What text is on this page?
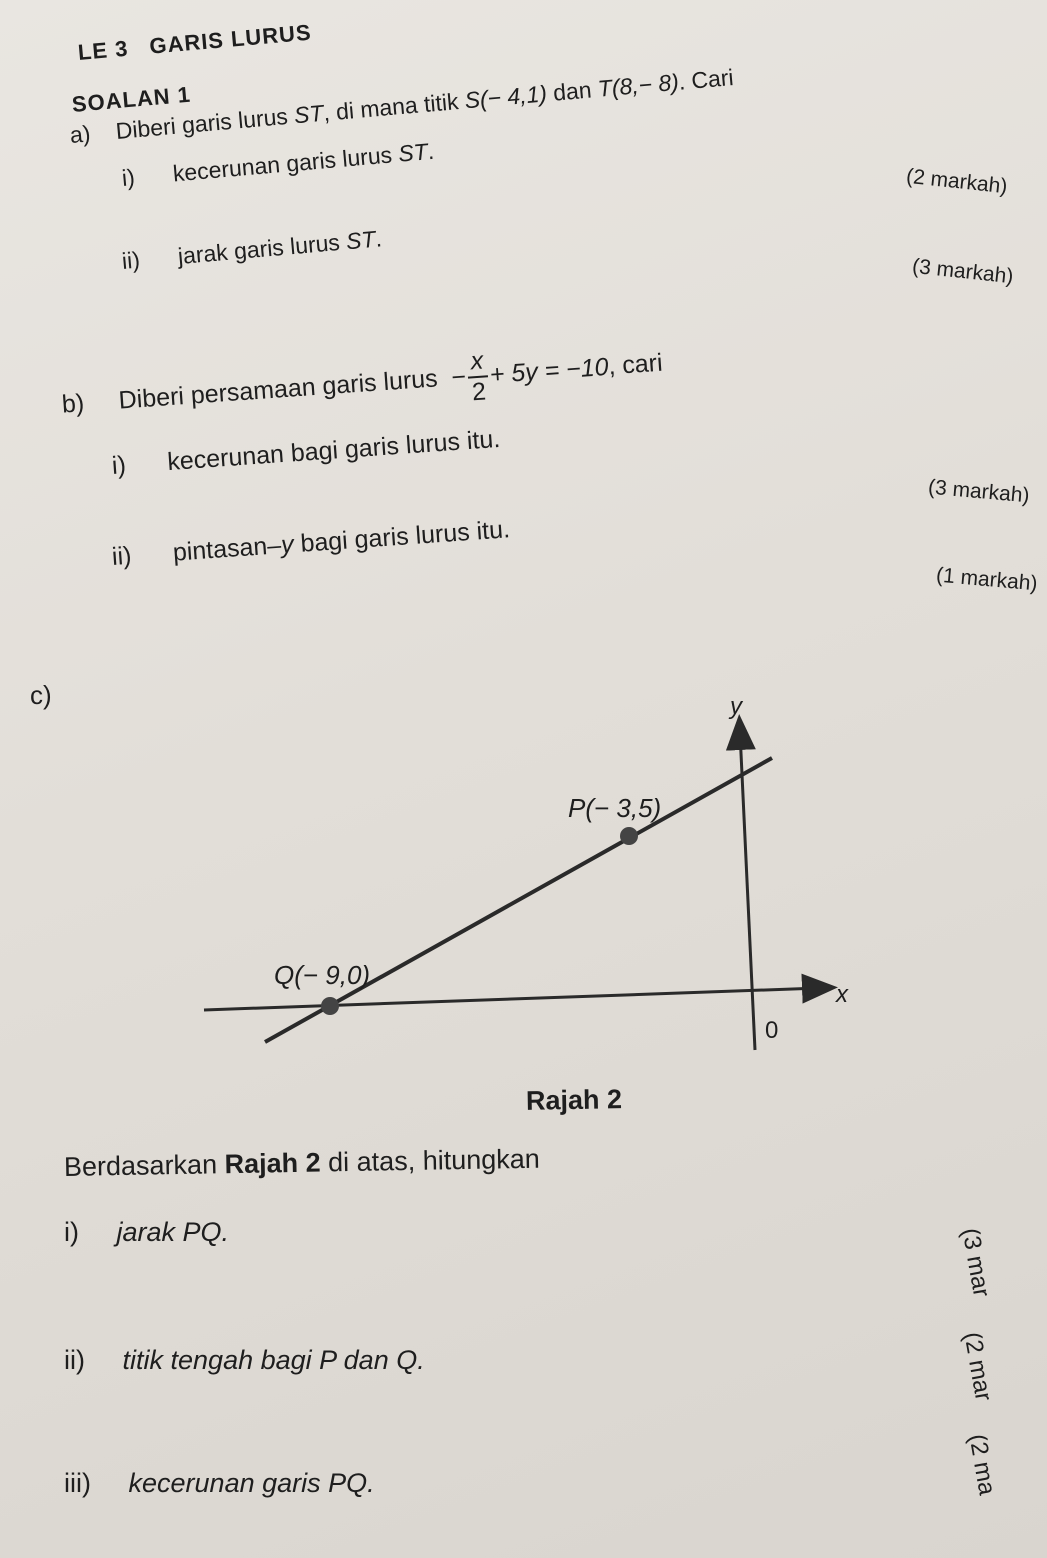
LE 3 GARIS LURUS
SOALAN 1
a) Diberi garis lurus ST, di mana titik S(− 4,1) dan T(8,− 8). Cari
i) kecerunan garis lurus ST.
(2 markah)
ii) jarak garis lurus ST.
(3 markah)
b) Diberi persamaan garis lurus − $\frac{x}{2}$
+ 5y = −10, cari
i) kecerunan bagi garis lurus itu.
(3 markah)
ii) pintasan–y bagi garis lurus itu.
(1 markah)
c)
P(− 3,5)
Q(− 9,0)
y
x
0
Rajah 2
Berdasarkan Rajah 2 di atas, hitungkan
i) jarak PQ.	(3 mar
ii) titik tengah bagi P dan Q.	(2 mar
iii) kecerunan garis PQ.	(2 ma
